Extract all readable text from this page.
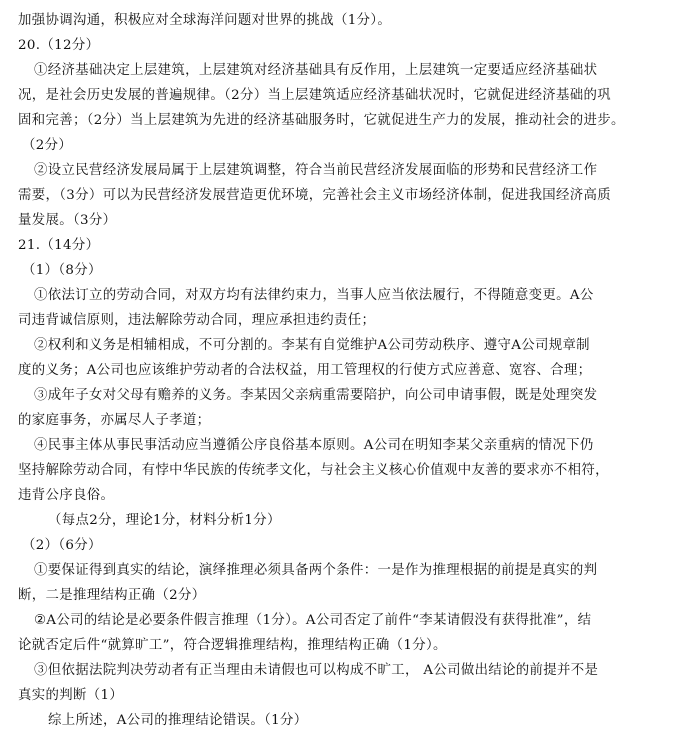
加强协调沟通，积极应对全球海洋问题对世界的挑战（1分）。
20.（12分）
①经济基础决定上层建筑，上层建筑对经济基础具有反作用，上层建筑一定要适应经济基础状
况，是社会历史发展的普遍规律。（2分）当上层建筑适应经济基础状况时，它就促进经济基础的巩
固和完善；（2分）当上层建筑为先进的经济基础服务时，它就促进生产力的发展，推动社会的进步。
（2分）
②设立民营经济发展局属于上层建筑调整，符合当前民营经济发展面临的形势和民营经济工作
需要，（3分）可以为民营经济发展营造更优环境，完善社会主义市场经济体制，促进我国经济高质
量发展。（3分）
21.（14分）
（1）（8分）
①依法订立的劳动合同，对双方均有法律约束力，当事人应当依法履行，不得随意变更。A公
司违背诚信原则，违法解除劳动合同，理应承担违约责任；
②权利和义务是相辅相成，不可分割的。李某有自觉维护A公司劳动秩序、遵守A公司规章制
度的义务；A公司也应该维护劳动者的合法权益，用工管理权的行使方式应善意、宽容、合理；
③成年子女对父母有赡养的义务。李某因父亲病重需要陪护，向公司申请事假，既是处理突发
的家庭事务，亦属尽人子孝道；
④民事主体从事民事活动应当遵循公序良俗基本原则。A公司在明知李某父亲重病的情况下仍
坚持解除劳动合同，有悖中华民族的传统孝文化，与社会主义核心价值观中友善的要求亦不相符，
违背公序良俗。
（每点2分，理论1分，材料分析1分）
（2）（6分）
①要保证得到真实的结论，演绎推理必须具备两个条件：一是作为推理根据的前提是真实的判
断，二是推理结构正确（2分）
②A公司的结论是必要条件假言推理（1分）。A公司否定了前件“李某请假没有获得批准”，结
论就否定后件“就算旷工”，符合逻辑推理结构，推理结构正确（1分）。
③但依据法院判决劳动者有正当理由未请假也可以构成不旷工， A公司做出结论的前提并不是
真实的判断（1）
综上所述，A公司的推理结论错误。（1分）
